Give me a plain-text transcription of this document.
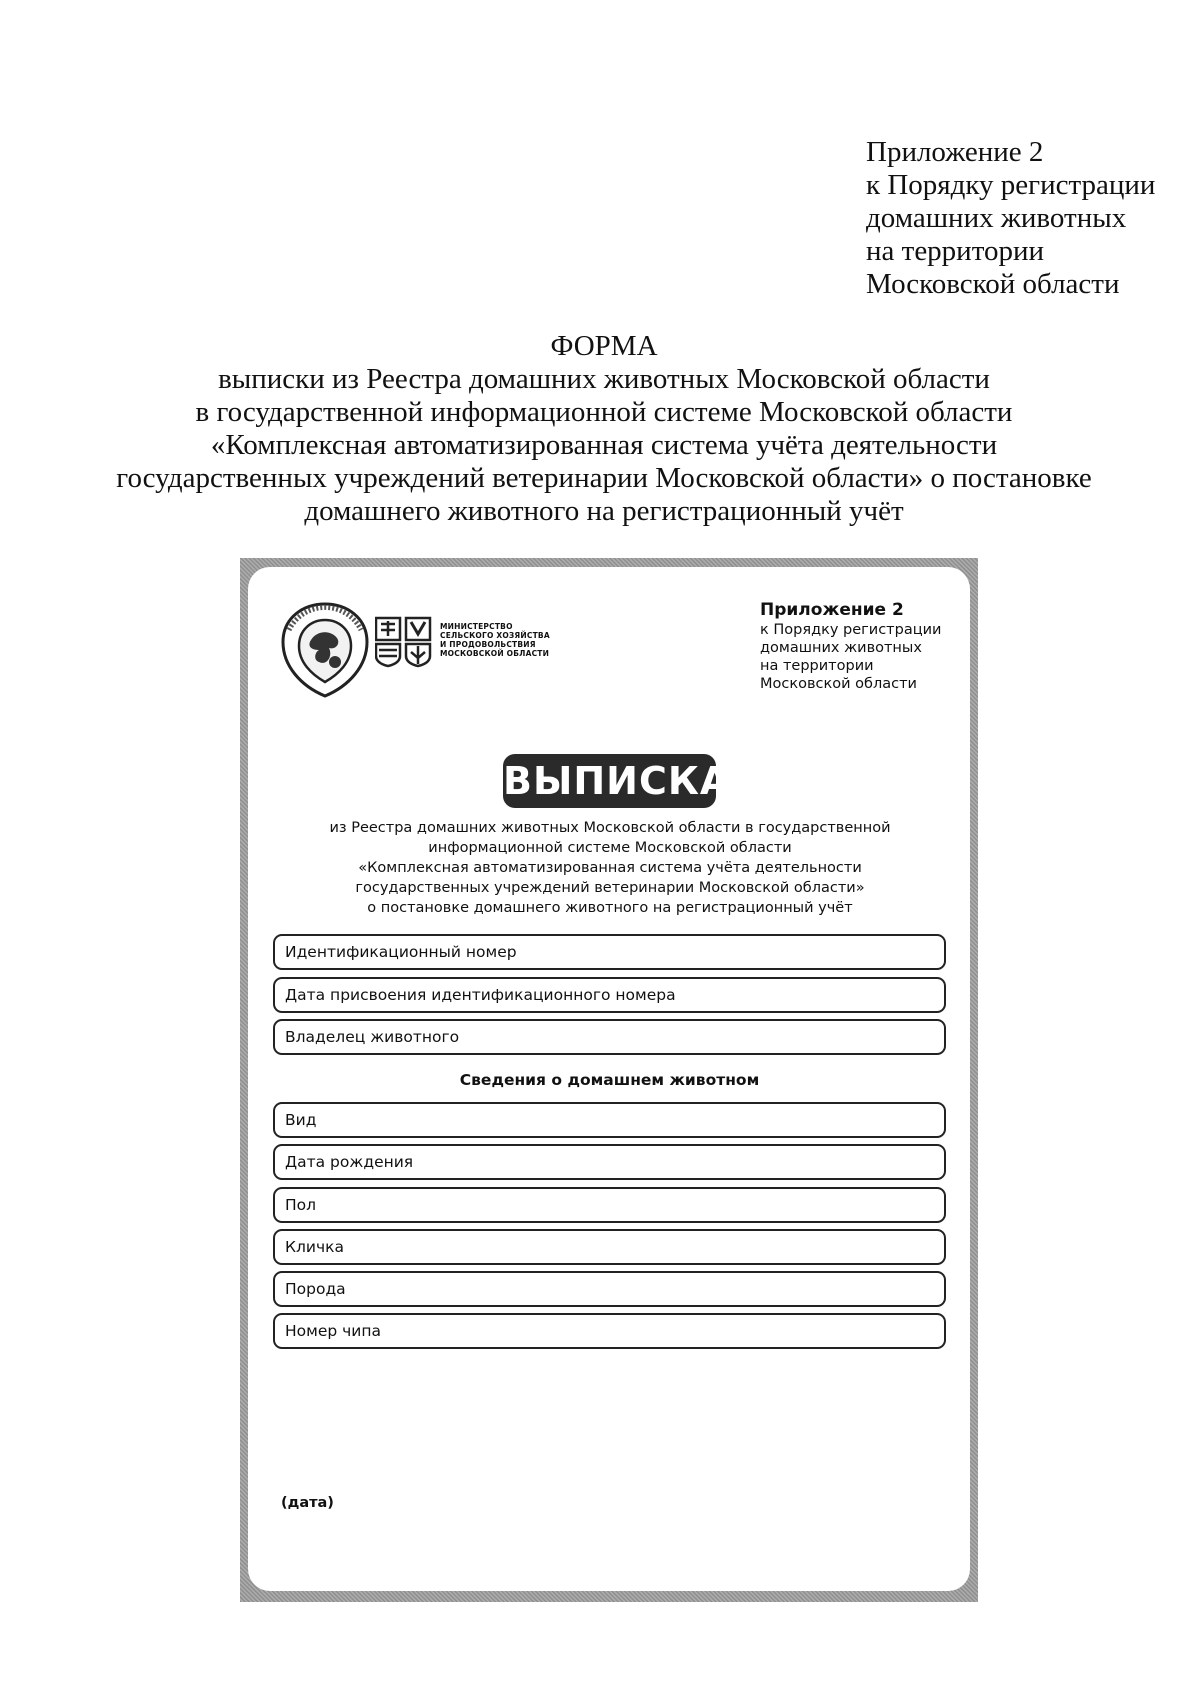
Приложение 2
к Порядку регистрации
домашних животных
на территории
Московской области
ФОРМА
выписки из Реестра домашних животных Московской области
в государственной информационной системе Московской области
«Комплексная автоматизированная система учёта деятельности
государственных учреждений ветеринарии Московской области» о постановке
домашнего животного на регистрационный учёт
МИНИСТЕРСТВО
СЕЛЬСКОГО ХОЗЯЙСТВА
И ПРОДОВОЛЬСТВИЯ
МОСКОВСКОЙ ОБЛАСТИ
Приложение 2
к Порядку регистрации
домашних животных
на территории
Московской области
ВЫПИСКА
из Реестра домашних животных Московской области в государственной
информационной системе Московской области
«Комплексная автоматизированная система учёта деятельности
государственных учреждений ветеринарии Московской области»
о постановке домашнего животного на регистрационный учёт
Идентификационный номер
Дата присвоения идентификационного номера
Владелец животного
Сведения о домашнем животном
Вид
Дата рождения
Пол
Кличка
Порода
Номер чипа
(дата)
